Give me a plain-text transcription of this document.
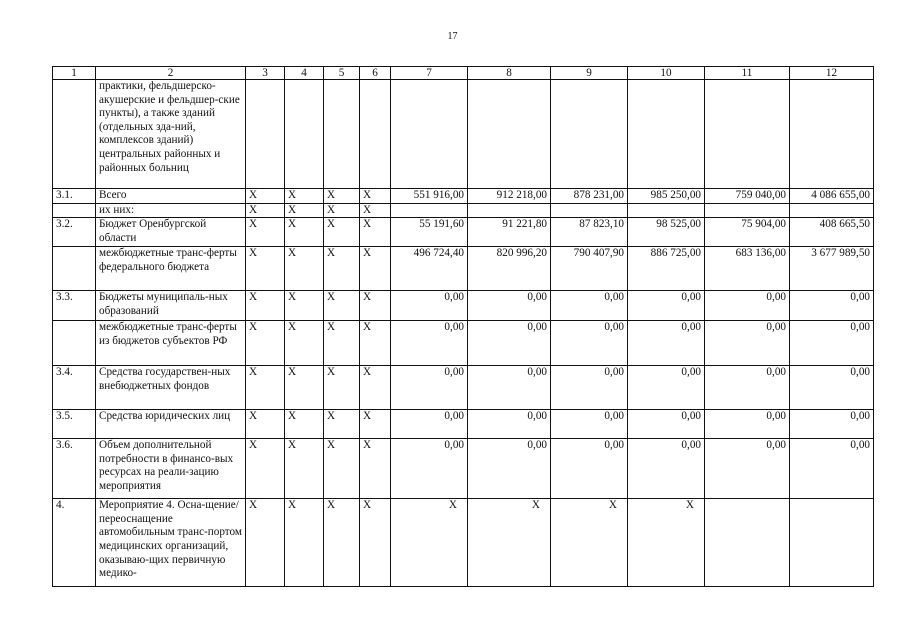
17
1	2	3	4	5	6	7	8	9	10	11	12
	практики, фельдшерско-акушерские и фельдшер-ские пункты), а также зданий (отдельных зда-ний, комплексов зданий) центральных районных и районных больниц										
3.1.	Всего	X	X	X	X	551 916,00	912 218,00	878 231,00	985 250,00	759 040,00	4 086 655,00
	их них:	X	X	X	X						
3.2.	Бюджет Оренбургской области	X	X	X	X	55 191,60	91 221,80	87 823,10	98 525,00	75 904,00	408 665,50
	межбюджетные транс-ферты федерального бюджета	X	X	X	X	496 724,40	820 996,20	790 407,90	886 725,00	683 136,00	3 677 989,50
3.3.	Бюджеты муниципаль-ных образований	X	X	X	X	0,00	0,00	0,00	0,00	0,00	0,00
	межбюджетные транс-ферты из бюджетов субъектов РФ	X	X	X	X	0,00	0,00	0,00	0,00	0,00	0,00
3.4.	Средства государствен-ных внебюджетных фондов	X	X	X	X	0,00	0,00	0,00	0,00	0,00	0,00
3.5.	Средства юридических лиц	X	X	X	X	0,00	0,00	0,00	0,00	0,00	0,00
3.6.	Объем дополнительной потребности в финансо-вых ресурсах на реали-зацию мероприятия	X	X	X	X	0,00	0,00	0,00	0,00	0,00	0,00
4.	Мероприятие 4. Осна-щение/переоснащение автомобильным транс-портом медицинских организаций, оказываю-щих первичную медико-	X	X	X	X	X	X	X	X		
